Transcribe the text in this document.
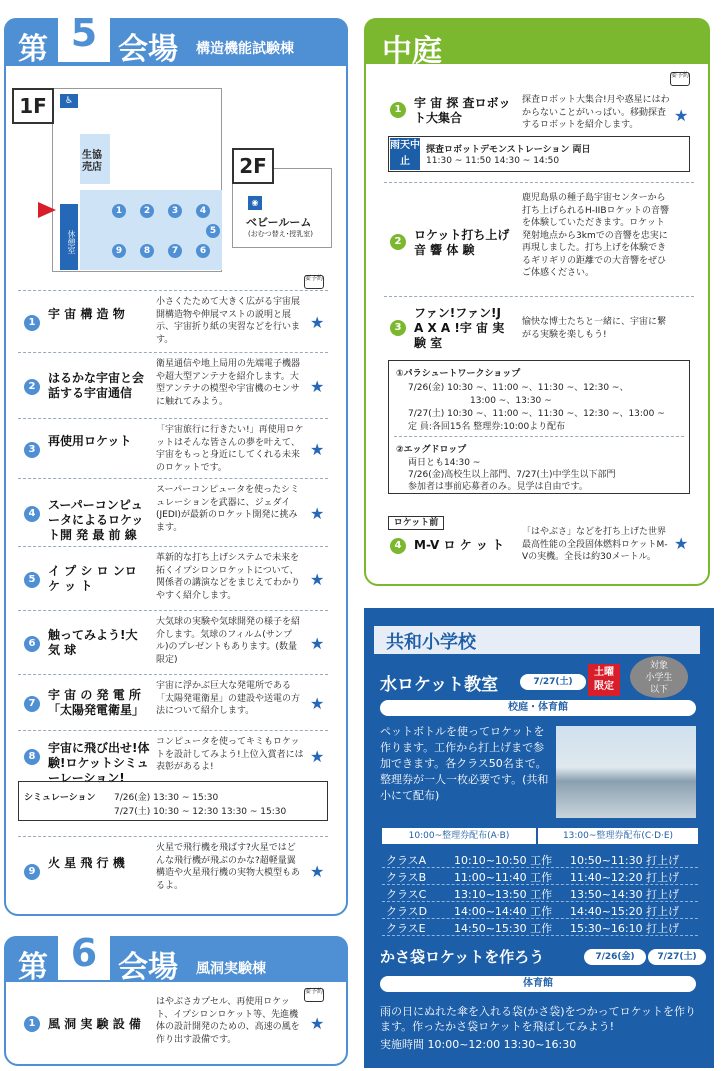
第 5 会場 構造機能試験棟
1F	♿
生協
売店
休憩室
1	2	3	4
5
9	8	7	6
2F
◉
ベビールーム
(おむつ替え･授乳室)
要予約
1
宇 宙 構 造 物
小さくたためて大きく広がる宇宙展開構造物や伸展マストの説明と展示、宇宙折り紙の実習などを行います。
★
2
はるかな宇宙と会話する宇宙通信
衛星通信や地上局用の先端電子機器や超大型アンテナを紹介します。大型アンテナの模型や宇宙機のセンサに触れてみよう。
★
3
再使用ロケット
「宇宙旅行に行きたい!」再使用ロケットはそんな皆さんの夢を叶えて、宇宙をもっと身近にしてくれる未来のロケットです。
★
4
スーパーコンピュータによるロケット開 発 最 前 線
スーパーコンピュータを使ったシミュレーションを武器に、ジェダイ(JEDI)が最新のロケット開発に挑みます。
★
5
イ プ シ ロ ンロ ケ ッ ト
革新的な打ち上げシステムで未来を拓くイプシロンロケットについて、関係者の講演などをまじえてわかりやすく紹介します。
★
6
触ってみよう!大 気 球
大気球の実験や気球開発の様子を紹介します。気球のフィルム(サンプル)のプレゼントもあります。(数量限定)
★
7
宇 宙 の 発 電 所「太陽発電衛星」
宇宙に浮かぶ巨大な発電所である「太陽発電衛星」の建設や送電の方法について紹介します。	★
8
宇宙に飛び出せ!体験!ロケットシミューレーション!
コンピュータを使ってキミもロケットを設計してみよう!上位入賞者には表彰があるよ!
★
9
火 星 飛 行 機
火星で飛行機を飛ばす?火星ではどんな飛行機が飛ぶのかな?超軽量翼構造や火星飛行機の実物大模型もあるよ。
★
シミュレーション 7/26(金) 13:30 ~ 15:30
7/27(土) 10:30 ~ 12:30 13:30 ~ 15:30
第 6 会場 風洞実験棟
要予約
1	風 洞 実 験 設 備
はやぶさカプセル、再使用ロケット、イプシロンロケット等、先進機体の設計開発のための、高速の風を作り出す設備です。
★
中庭
要予約
1	宇 宙 探 査ロボット大集合
探査ロボット大集合!月や惑星にはわからないことがいっぱい。移動探査するロボットを紹介します。	★
雨天中止
探査ロボットデモンストレーション 両日
11:30 ~ 11:50 14:30 ~ 14:50
2	ロケット打ち上げ音 響 体 験
鹿児島県の種子島宇宙センターから打ち上げられるH-IIBロケットの音響を体験していただきます。ロケット発射地点から3kmでの音響を忠実に再現しました。打ち上げを体験できるギリギリの距離での大音響をぜひご体感ください。
3
ファン!ファン!J A X A !宇 宙 実 験 室
愉快な博士たちと一緒に、宇宙に繋がる実験を楽しもう!
①パラシュートワークショップ
7/26(金) 10:30 ~、11:00 ~、11:30 ~、12:30 ~、
13:00 ~、13:30 ~
7/27(土) 10:30 ~、11:00 ~、11:30 ~、12:30 ~、13:00 ~
定 員:各回15名 整理券:10:00より配布
②エッグドロップ
両日とも14:30 ~
7/26(金)高校生以上部門、7/27(土)中学生以下部門
参加者は事前応募者のみ。見学は自由です。
ロケット前
4	M-V ロ ケ ッ ト
「はやぶさ」などを打ち上げた世界最高性能の全段固体燃料ロケットM-Vの実機。全長は約30メートル。
★
共和小学校
水ロケット教室	7/27(土)
土曜
限定
対象
小学生
以下
校庭・体育館
ペットボトルを使ってロケットを作ります。工作から打上げまで参加できます。各クラス50名まで。整理券が一人一枚必要です。(共和小にて配布)
10:00~整理券配布(A·B)	13:00~整理券配布(C·D·E)
クラスA	10:10~10:50 工作 10:50~11:30 打上げ
クラスB	11:00~11:40 工作 11:40~12:20 打上げ
クラスC	13:10~13:50 工作 13:50~14:30 打上げ
クラスD 14:00~14:40 工作 14:40~15:20 打上げ
クラスE	14:50~15:30 工作 15:30~16:10 打上げ
かさ袋ロケットを作ろう	7/26(金)	7/27(土)
体育館
雨の日にぬれた傘を入れる袋(かさ袋)をつかってロケットを作ります。作ったかさ袋ロケットを飛ばしてみよう!
実施時間 10:00~12:00 13:30~16:30
